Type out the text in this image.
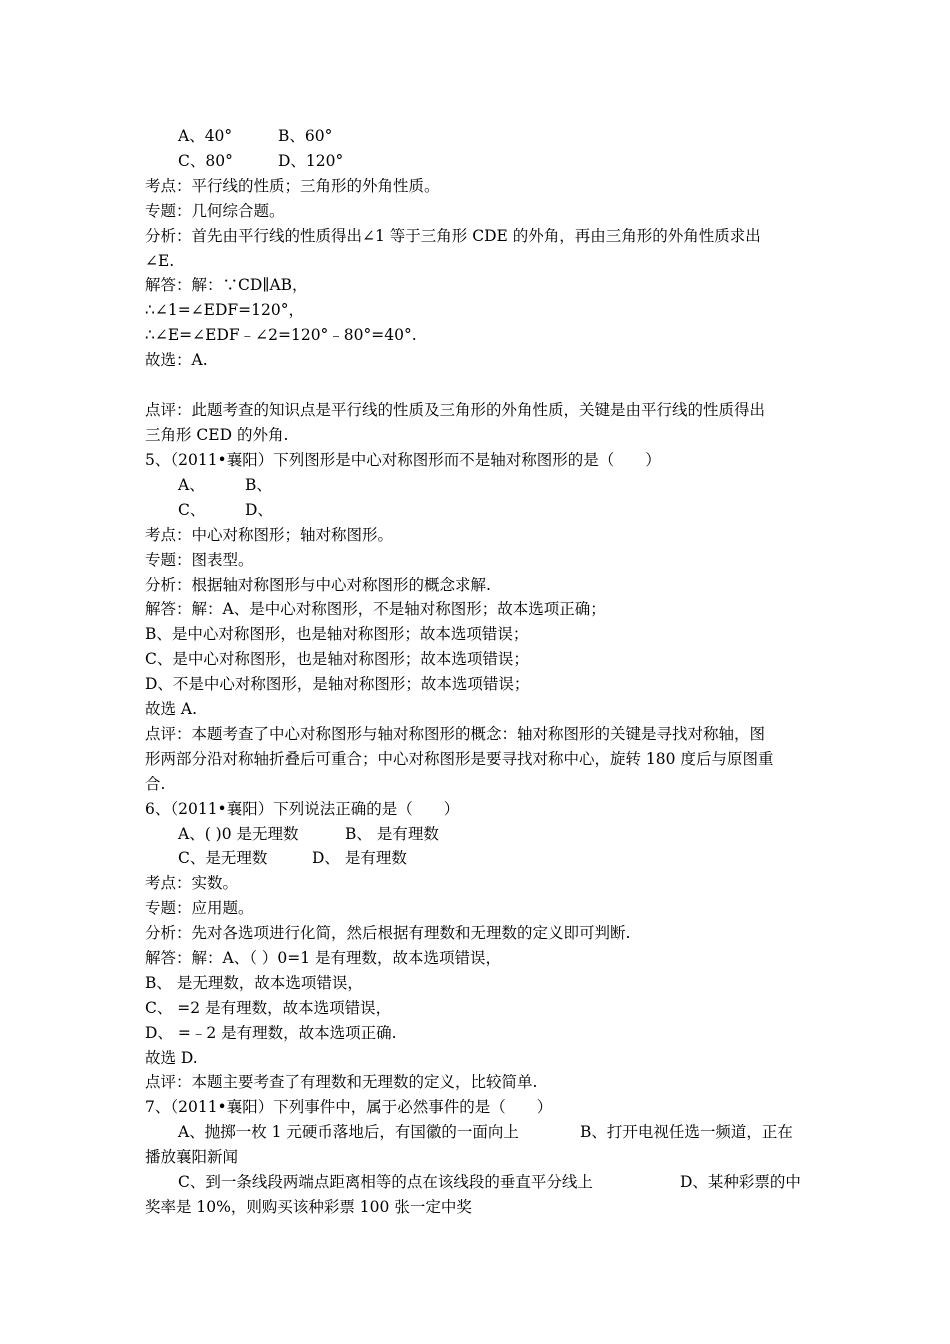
A、40°	B、60°
C、80°	D、120°
考点：平行线的性质；三角形的外角性质。
专题：几何综合题。
分析：首先由平行线的性质得出∠1 等于三角形 CDE 的外角，再由三角形的外角性质求出
∠E.
解答：解：∵CD∥AB，
∴∠1=∠EDF=120°，
∴∠E=∠EDF﹣∠2=120°﹣80°=40°.
故选：A.
点评：此题考查的知识点是平行线的性质及三角形的外角性质，关键是由平行线的性质得出
三角形 CED 的外角.
5、（2011•襄阳）下列图形是中心对称图形而不是轴对称图形的是（　　）
A、	B、
C、	D、
考点：中心对称图形；轴对称图形。
专题：图表型。
分析：根据轴对称图形与中心对称图形的概念求解.
解答：解：A、是中心对称图形，不是轴对称图形；故本选项正确；
B、是中心对称图形，也是轴对称图形；故本选项错误；
C、是中心对称图形，也是轴对称图形；故本选项错误；
D、不是中心对称图形，是轴对称图形；故本选项错误；
故选 A.
点评：本题考查了中心对称图形与轴对称图形的概念：轴对称图形的关键是寻找对称轴，图
形两部分沿对称轴折叠后可重合；中心对称图形是要寻找对称中心，旋转 180 度后与原图重
合.
6、（2011•襄阳）下列说法正确的是（　　）
A、( )0 是无理数	B、 是有理数
C、是无理数	D、 是有理数
考点：实数。
专题：应用题。
分析：先对各选项进行化简，然后根据有理数和无理数的定义即可判断.
解答：解：A、（ ）0=1 是有理数，故本选项错误，
B、 是无理数，故本选项错误，
C、 =2 是有理数，故本选项错误，
D、 =﹣2 是有理数，故本选项正确.
故选 D.
点评：本题主要考查了有理数和无理数的定义，比较简单.
7、（2011•襄阳）下列事件中，属于必然事件的是（　　）
A、抛掷一枚 1 元硬币落地后，有国徽的一面向上	B、打开电视任选一频道，正在
播放襄阳新闻
C、到一条线段两端点距离相等的点在该线段的垂直平分线上	D、某种彩票的中
奖率是 10%，则购买该种彩票 100 张一定中奖
